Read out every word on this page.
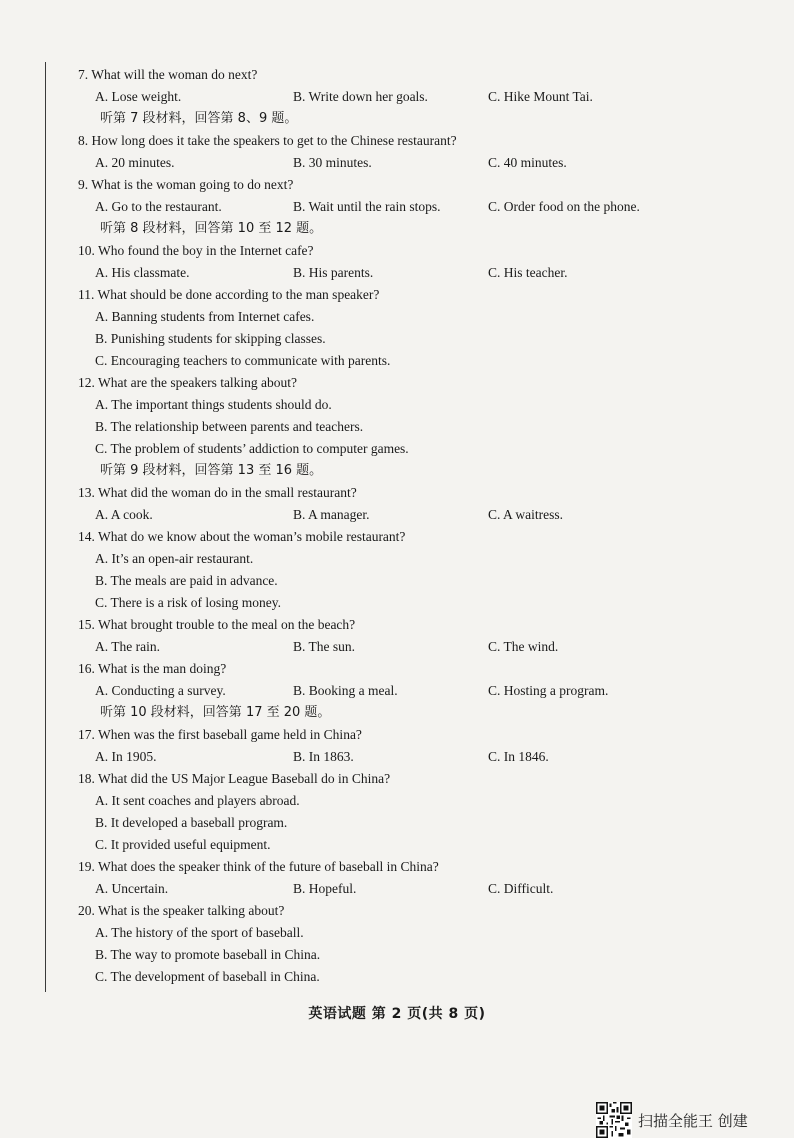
7. What will the woman do next?
A. Lose weight.	B. Write down her goals.	C. Hike Mount Tai.
听第 7 段材料，回答第 8、9 题。
8. How long does it take the speakers to get to the Chinese restaurant?
A. 20 minutes.	B. 30 minutes.	C. 40 minutes.
9. What is the woman going to do next?
A. Go to the restaurant.	B. Wait until the rain stops.	C. Order food on the phone.
听第 8 段材料，回答第 10 至 12 题。
10. Who found the boy in the Internet cafe?
A. His classmate.	B. His parents.	C. His teacher.
11. What should be done according to the man speaker?
A. Banning students from Internet cafes.
B. Punishing students for skipping classes.
C. Encouraging teachers to communicate with parents.
12. What are the speakers talking about?
A. The important things students should do.
B. The relationship between parents and teachers.
C. The problem of students’ addiction to computer games.
听第 9 段材料，回答第 13 至 16 题。
13. What did the woman do in the small restaurant?
A. A cook.	B. A manager.	C. A waitress.
14. What do we know about the woman’s mobile restaurant?
A. It’s an open-air restaurant.
B. The meals are paid in advance.
C. There is a risk of losing money.
15. What brought trouble to the meal on the beach?
A. The rain.	B. The sun.	C. The wind.
16. What is the man doing?
A. Conducting a survey.	B. Booking a meal.	C. Hosting a program.
听第 10 段材料，回答第 17 至 20 题。
17. When was the first baseball game held in China?
A. In 1905.	B. In 1863.	C. In 1846.
18. What did the US Major League Baseball do in China?
A. It sent coaches and players abroad.
B. It developed a baseball program.
C. It provided useful equipment.
19. What does the speaker think of the future of baseball in China?
A. Uncertain.	B. Hopeful.	C. Difficult.
20. What is the speaker talking about?
A. The history of the sport of baseball.
B. The way to promote baseball in China.
C. The development of baseball in China.
英语试题 第 2 页(共 8 页)
扫描全能王 创建
